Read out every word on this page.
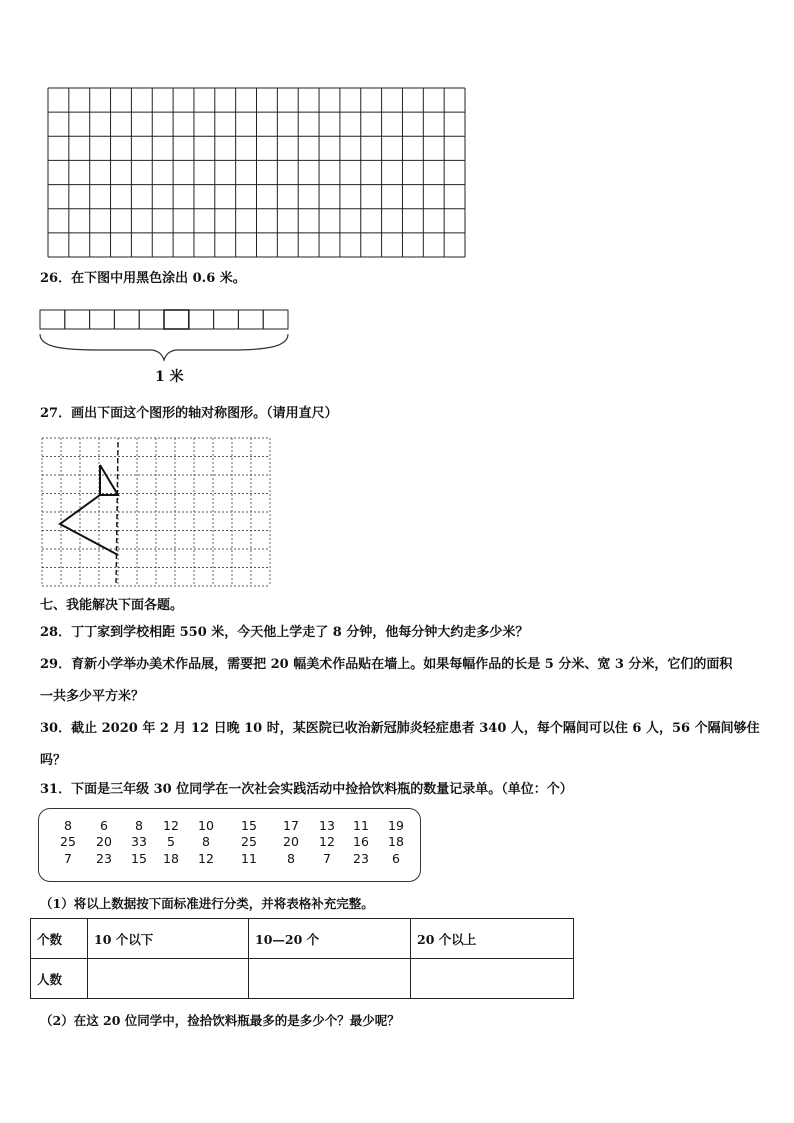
26．在下图中用黑色涂出 0.6 米。
1 米
27．画出下面这个图形的轴对称图形。（请用直尺）
七、我能解决下面各题。
28．丁丁家到学校相距 550 米，今天他上学走了 8 分钟，他每分钟大约走多少米？
29．育新小学举办美术作品展，需要把 20 幅美术作品贴在墙上。如果每幅作品的长是 5 分米、宽 3 分米，它们的面积
一共多少平方米？
30．截止 2020 年 2 月 12 日晚 10 时，某医院已收治新冠肺炎轻症患者 340 人，每个隔间可以住 6 人，56 个隔间够住
吗？
31．下面是三年级 30 位同学在一次社会实践活动中捡拾饮料瓶的数量记录单。（单位：个）
8	6	8	12	10	15	17	13	11	19
25	20	33	5	8	25	20	12	16	18
7	23	15	18	12	11	8	7	23	6
（1）将以上数据按下面标准进行分类，并将表格补充完整。
个数	10 个以下	10—20 个	20 个以上
人数			
（2）在这 20 位同学中，捡拾饮料瓶最多的是多少个？最少呢？
